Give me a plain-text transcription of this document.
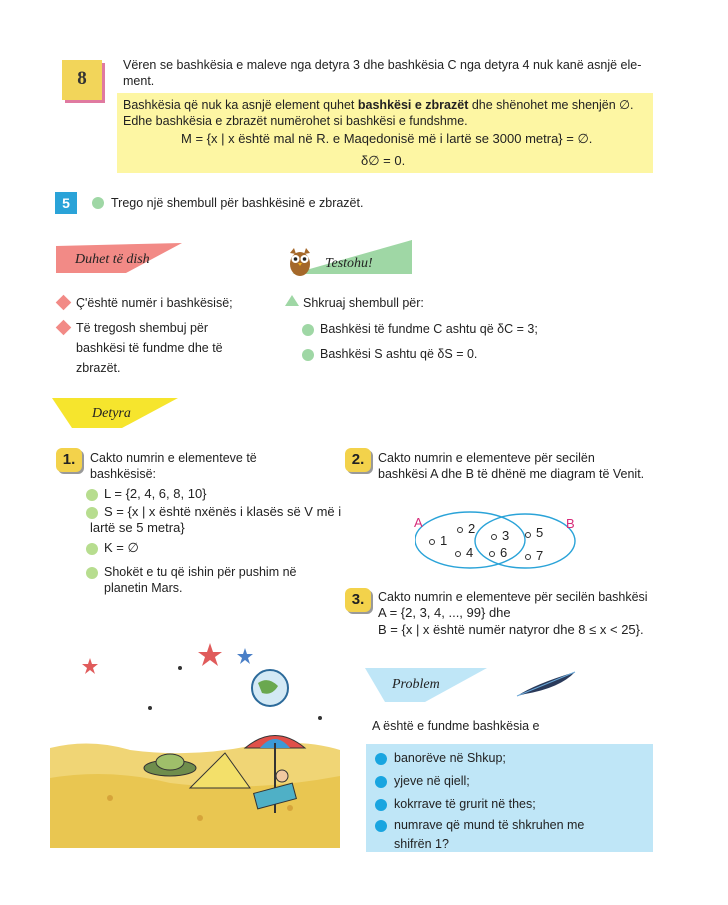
8
Vëren se bashkësia e maleve nga detyra 3 dhe bashkësia C nga detyra 4 nuk kanë asnjë ele-
ment.
Bashkësia që nuk ka asnjë element quhet bashkësi e zbrazët dhe shënohet me shenjën ∅.
Edhe bashkësia e zbrazët numërohet si bashkësi e fundshme.
M = {x | x është mal në R. e Maqedonisë më i lartë se 3000 metra} = ∅.
δ∅ = 0.
5	Trego një shembull për bashkësinë e zbrazët.
Duhet të dish
Ç'është numër i bashkësisë;
Të tregosh shembuj për
bashkësi të fundme dhe të
zbrazët.
Testohu!
Shkruaj shembull për:
Bashkësi të fundme C ashtu që δC = 3;
Bashkësi S ashtu që δS = 0.
Detyra
1.	Cakto numrin e elementeve të
bashkësisë:
L = {2, 4, 6, 8, 10}
S = {x | x është nxënës i klasës së V më i
lartë se 5 metra}
K = ∅
Shokët e tu që ishin për pushim në
planetin Mars.
2.	Cakto numrin e elementeve për secilën
bashkësi A dhe B të dhënë me diagram të Venit.
A	B
1
2
4
3
6
5
7
3.	Cakto numrin e elementeve për secilën bashkësi
A = {2, 3, 4, ..., 99} dhe
B = {x | x është numër natyror dhe 8 ≤ x < 25}.
Problem
A është e fundme bashkësia e
banorëve në Shkup;
yjeve në qiell;
kokrrave të grurit në thes;
numrave që mund të shkruhen me
shifrën 1?
